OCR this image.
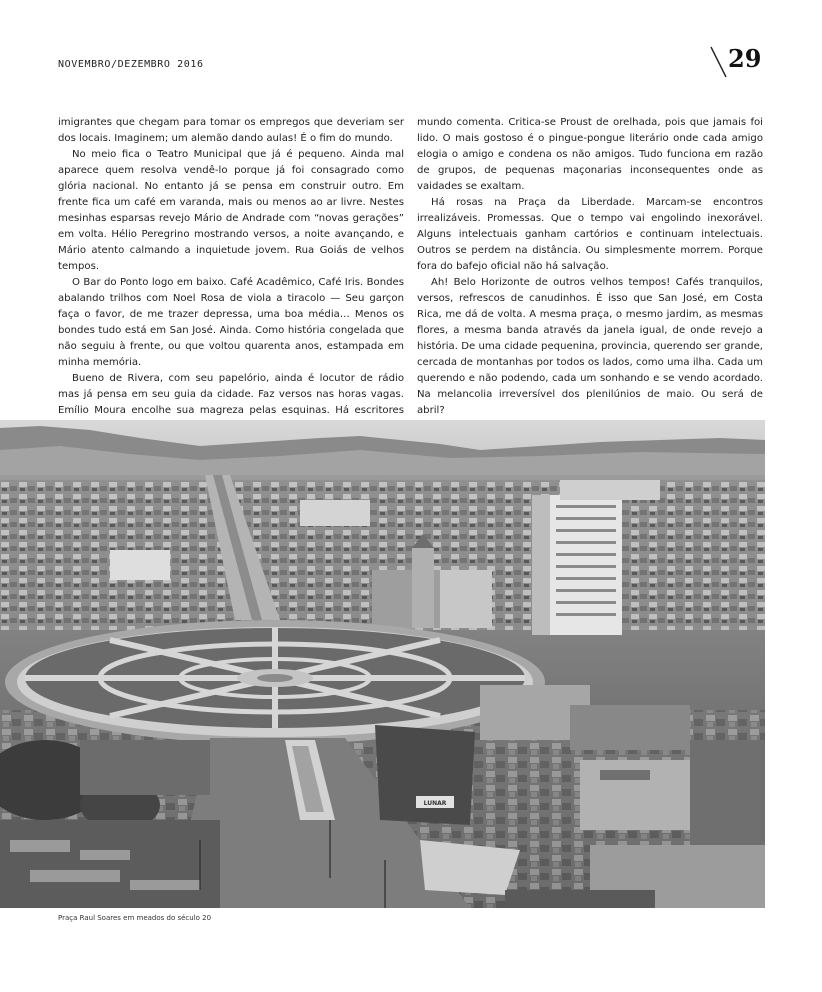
NOVEMBRO/DEZEMBRO 2016	29

imigrantes que chegam para tomar os empregos que deveriam ser dos locais. Imaginem; um alemão dando aulas! É o fim do mundo.

No meio fica o Teatro Municipal que já é pequeno. Ainda mal aparece quem resolva vendê-lo porque já foi consagrado como glória nacional. No entanto já se pensa em construir outro. Em frente fica um café em varanda, mais ou menos ao ar livre. Nestes mesinhas esparsas revejo Mário de Andrade com “novas gerações” em volta. Hélio Peregrino mostrando versos, a noite avançando, e Mário atento calmando a inquietude jovem. Rua Goiás de velhos tempos.

O Bar do Ponto logo em baixo. Café Acadêmico, Café Iris. Bondes abalando trilhos com Noel Rosa de viola a tiracolo — Seu garçon faça o favor, de me trazer depressa, uma boa média… Menos os bondes tudo está em San José. Ainda. Como história congelada que não seguiu à frente, ou que voltou quarenta anos, estampada em minha memória.

Bueno de Rivera, com seu papelório, ainda é locutor de rádio mas já pensa em seu guia da cidade. Faz versos nas horas vagas. Emílio Moura encolhe sua magreza pelas esquinas. Há escritores

mundo comenta. Critica-se Proust de orelhada, pois que jamais foi lido. O mais gostoso é o pingue-pongue literário onde cada amigo elogia o amigo e condena os não amigos. Tudo funciona em razão de grupos, de pequenas maçonarias inconsequentes onde as vaidades se exaltam.

Há rosas na Praça da Liberdade. Marcam-se encontros irrealizáveis. Promessas. Que o tempo vai engolindo inexorável. Alguns intelectuais ganham cartórios e continuam intelectuais. Outros se perdem na distância. Ou simplesmente morrem. Porque fora do bafejo oficial não há salvação.

Ah! Belo Horizonte de outros velhos tempos! Cafés tranquilos, versos, refrescos de canudinhos. É isso que San José, em Costa Rica, me dá de volta. A mesma praça, o mesmo jardim, as mesmas flores, a mesma banda através da janela igual, de onde revejo a história. De uma cidade pequenina, provincia, querendo ser grande, cercada de montanhas por todos os lados, como uma ilha. Cada um querendo e não podendo, cada um sonhando e se vendo acordado. Na melancolia irreversível dos plenilúnios de maio. Ou será de abril?

LUNAR
Praça Raul Soares em meados do século 20
